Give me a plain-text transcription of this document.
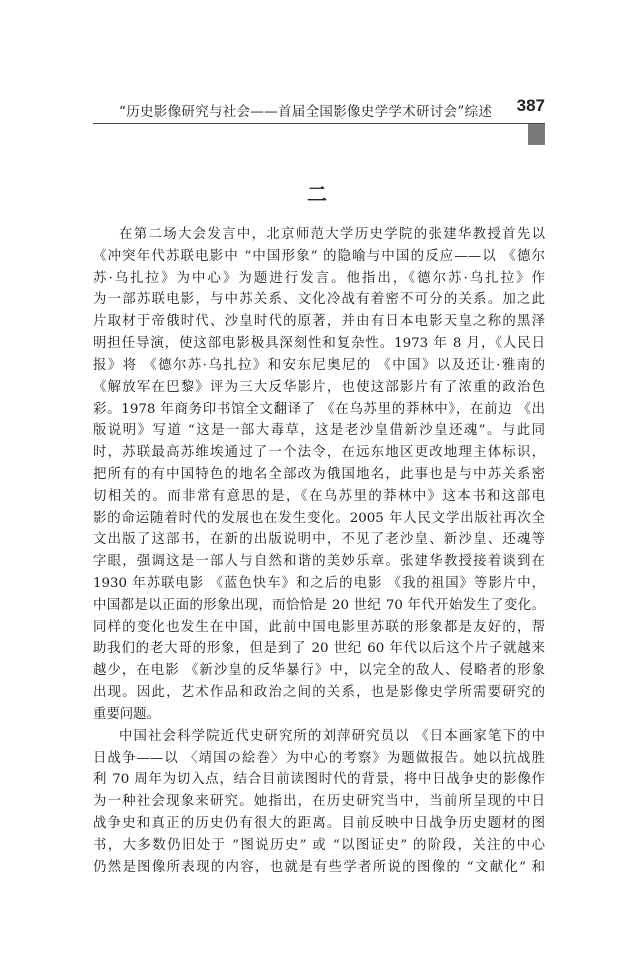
“历史影像研究与社会——首届全国影像史学学术研讨会”综述 387
二
在第二场大会发言中，北京师范大学历史学院的张建华教授首先以
《冲突年代苏联电影中 “中国形象” 的隐喻与中国的反应——以 《德尔
苏·乌扎拉》为中心》为题进行发言。他指出，《德尔苏·乌扎拉》作
为一部苏联电影，与中苏关系、文化冷战有着密不可分的关系。加之此
片取材于帝俄时代、沙皇时代的原著，并由有日本电影天皇之称的黑泽
明担任导演，使这部电影极具深刻性和复杂性。1973 年 8 月，《人民日
报》将 《德尔苏·乌扎拉》和安东尼奥尼的 《中国》以及还让·雅南的
《解放军在巴黎》评为三大反华影片，也使这部影片有了浓重的政治色
彩。1978 年商务印书馆全文翻译了 《在乌苏里的莽林中》，在前边 《出
版说明》写道 “这是一部大毒草，这是老沙皇借新沙皇还魂”。与此同
时，苏联最高苏维埃通过了一个法令，在远东地区更改地理主体标识，
把所有的有中国特色的地名全部改为俄国地名，此事也是与中苏关系密
切相关的。而非常有意思的是，《在乌苏里的莽林中》这本书和这部电
影的命运随着时代的发展也在发生变化。2005 年人民文学出版社再次全
文出版了这部书，在新的出版说明中，不见了老沙皇、新沙皇、还魂等
字眼，强调这是一部人与自然和谐的美妙乐章。张建华教授接着谈到在
1930 年苏联电影 《蓝色快车》和之后的电影 《我的祖国》等影片中，
中国都是以正面的形象出现，而恰恰是 20 世纪 70 年代开始发生了变化。
同样的变化也发生在中国，此前中国电影里苏联的形象都是友好的，帮
助我们的老大哥的形象，但是到了 20 世纪 60 年代以后这个片子就越来
越少，在电影 《新沙皇的反华暴行》中，以完全的敌人、侵略者的形象
出现。因此，艺术作品和政治之间的关系，也是影像史学所需要研究的
重要问题。
中国社会科学院近代史研究所的刘萍研究员以 《日本画家笔下的中
日战争——以 〈靖国の絵巻〉为中心的考察》为题做报告。她以抗战胜
利 70 周年为切入点，结合目前读图时代的背景，将中日战争史的影像作
为一种社会现象来研究。她指出，在历史研究当中，当前所呈现的中日
战争史和真正的历史仍有很大的距离。目前反映中日战争历史题材的图
书，大多数仍旧处于 “图说历史” 或 “以图证史” 的阶段，关注的中心
仍然是图像所表现的内容，也就是有些学者所说的图像的 “文献化” 和
